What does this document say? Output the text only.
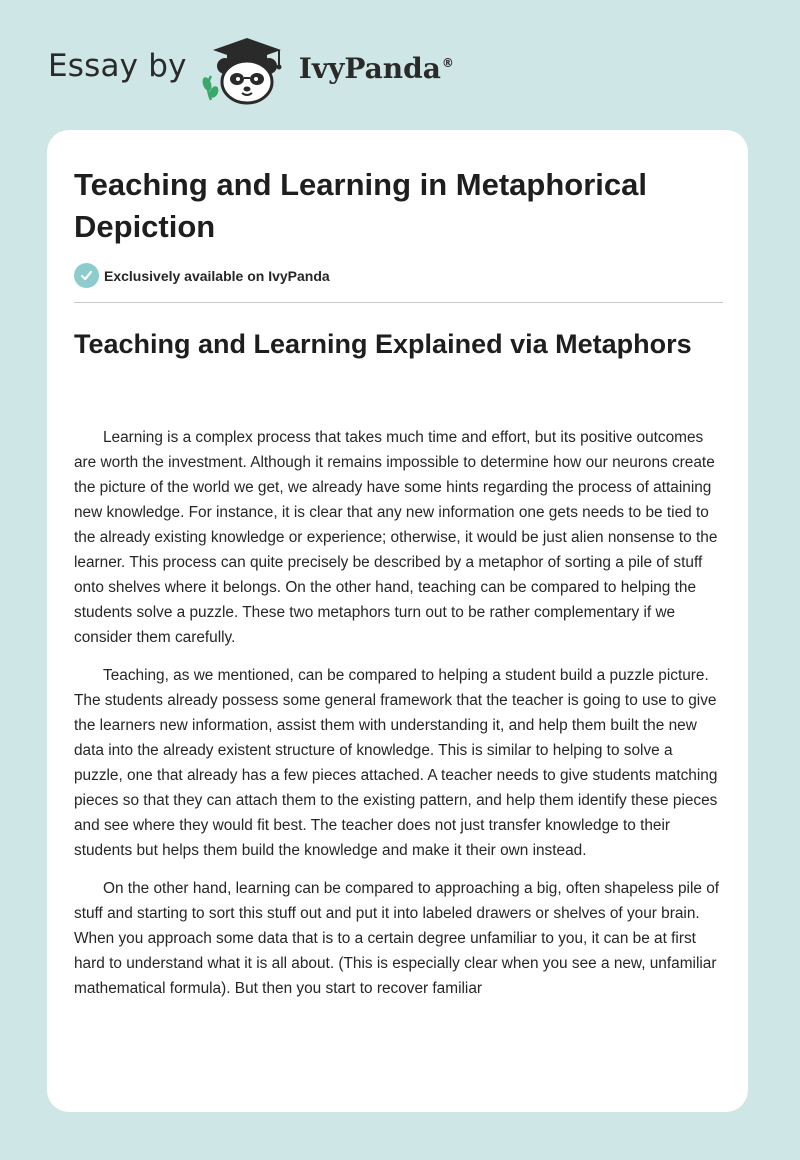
Essay by	IvyPanda®
Teaching and Learning in Metaphorical Depiction
Exclusively available on IvyPanda
Teaching and Learning Explained via Metaphors

Learning is a complex process that takes much time and effort, but its positive outcomes are worth the investment. Although it remains impossible to determine how our neurons create the picture of the world we get, we already have some hints regarding the process of attaining new knowledge. For instance, it is clear that any new information one gets needs to be tied to the already existing knowledge or experience; otherwise, it would be just alien nonsense to the learner. This process can quite precisely be described by a metaphor of sorting a pile of stuff onto shelves where it belongs. On the other hand, teaching can be compared to helping the students solve a puzzle. These two metaphors turn out to be rather complementary if we consider them carefully.

Teaching, as we mentioned, can be compared to helping a student build a puzzle picture. The students already possess some general framework that the teacher is going to use to give the learners new information, assist them with understanding it, and help them built the new data into the already existent structure of knowledge. This is similar to helping to solve a puzzle, one that already has a few pieces attached. A teacher needs to give students matching pieces so that they can attach them to the existing pattern, and help them identify these pieces and see where they would fit best. The teacher does not just transfer knowledge to their students but helps them build the knowledge and make it their own instead.

On the other hand, learning can be compared to approaching a big, often shapeless pile of stuff and starting to sort this stuff out and put it into labeled drawers or shelves of your brain. When you approach some data that is to a certain degree unfamiliar to you, it can be at first hard to understand what it is all about. (This is especially clear when you see a new, unfamiliar mathematical formula). But then you start to recover familiar
